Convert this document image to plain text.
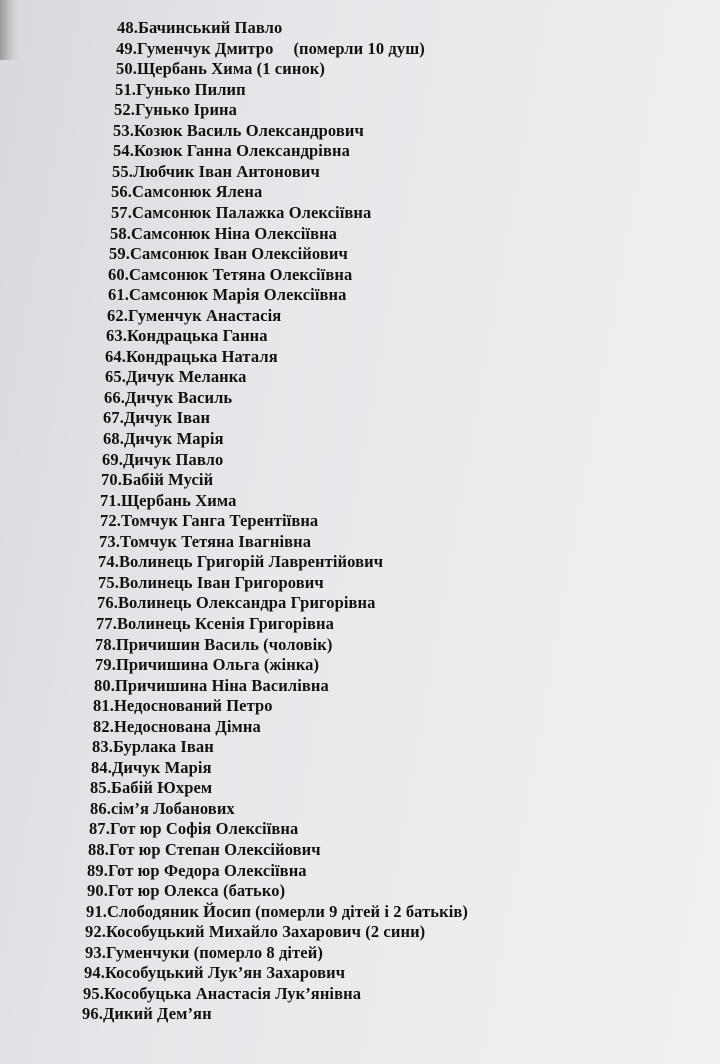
48.Бачинський Павло
49.Гуменчук Дмитро (померли 10 душ)
50.Щербань Хима (1 синок)
51.Гунько Пилип
52.Гунько Ірина
53.Козюк Василь Олександрович
54.Козюк Ганна Олександрівна
55.Любчик Іван Антонович
56.Самсонюк Ялена
57.Самсонюк Палажка Олексіївна
58.Самсонюк Ніна Олексіївна
59.Самсонюк Іван Олексійович
60.Самсонюк Тетяна Олексіївна
61.Самсонюк Марія Олексіївна
62.Гуменчук Анастасія
63.Кондрацька Ганна
64.Кондрацька Наталя
65.Дичук Меланка
66.Дичук Василь
67.Дичук Іван
68.Дичук Марія
69.Дичук Павло
70.Бабій Мусій
71.Щербань Хима
72.Томчук Ганга Терентіївна
73.Томчук Тетяна Івагнівна
74.Волинець Григорій Лаврентійович
75.Волинець Іван Григорович
76.Волинець Олександра Григорівна
77.Волинець Ксенія Григорівна
78.Причишин Василь (чоловік)
79.Причишина Ольга (жінка)
80.Причишина Ніна Василівна
81.Недоснований Петро
82.Недоснована Дімна
83.Бурлака Іван
84.Дичук Марія
85.Бабій Юхрем
86.сім’я Лобанових
87.Гот юр Софія Олексіївна
88.Гот юр Степан Олексійович
89.Гот юр Федора Олексіївна
90.Гот юр Олекса (батько)
91.Слободяник Йосип (померли 9 дітей і 2 батьків)
92.Кособуцький Михайло Захарович (2 сини)
93.Гуменчуки (померло 8 дітей)
94.Кособуцький Лук’ян Захарович
95.Кособуцька Анастасія Лук’янівна
96.Дикий Дем’ян
